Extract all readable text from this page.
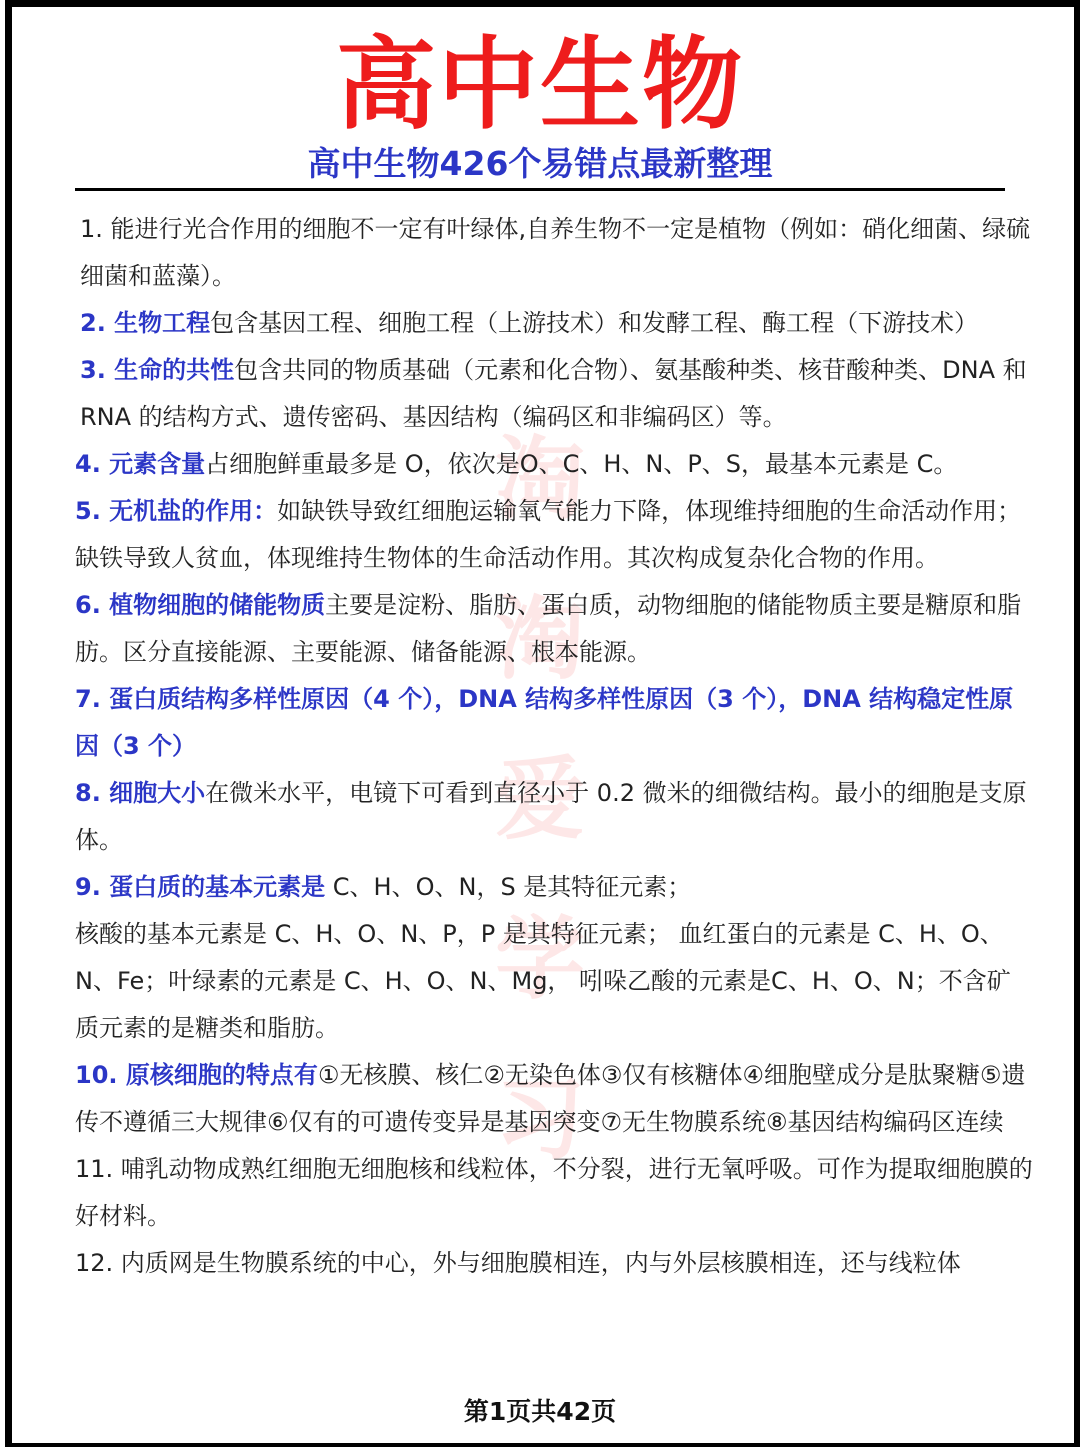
高中生物
高中生物426个易错点最新整理
淘
淘
爱
学
习

1. 能进行光合作用的细胞不一定有叶绿体,自养生物不一定是植物（例如：硝化细菌、绿硫细菌和蓝藻）。

2. 生物工程包含基因工程、细胞工程（上游技术）和发酵工程、酶工程（下游技术）

3. 生命的共性包含共同的物质基础（元素和化合物）、氨基酸种类、核苷酸种类、DNA 和 RNA 的结构方式、遗传密码、基因结构（编码区和非编码区）等。

4. 元素含量占细胞鲜重最多是 O，依次是O、C、H、N、P、S，最基本元素是 C。

5. 无机盐的作用：如缺铁导致红细胞运输氧气能力下降，体现维持细胞的生命活动作用；缺铁导致人贫血，体现维持生物体的生命活动作用。其次构成复杂化合物的作用。

6. 植物细胞的储能物质主要是淀粉、脂肪、蛋白质，动物细胞的储能物质主要是糖原和脂肪。区分直接能源、主要能源、储备能源、根本能源。

7. 蛋白质结构多样性原因（4 个），DNA 结构多样性原因（3 个），DNA 结构稳定性原因（3 个）

8. 细胞大小在微米水平，电镜下可看到直径小于 0.2 微米的细微结构。最小的细胞是支原体。

9. 蛋白质的基本元素是 C、H、O、N，S 是其特征元素；

核酸的基本元素是 C、H、O、N、P，P 是其特征元素； 血红蛋白的元素是 C、H、O、N、Fe；叶绿素的元素是 C、H、O、N、Mg， 吲哚乙酸的元素是C、H、O、N；不含矿质元素的是糖类和脂肪。

10. 原核细胞的特点有①无核膜、核仁②无染色体③仅有核糖体④细胞壁成分是肽聚糖⑤遗传不遵循三大规律⑥仅有的可遗传变异是基因突变⑦无生物膜系统⑧基因结构编码区连续11. 哺乳动物成熟红细胞无细胞核和线粒体，不分裂，进行无氧呼吸。可作为提取细胞膜的好材料。

12. 内质网是生物膜系统的中心，外与细胞膜相连，内与外层核膜相连，还与线粒体

第1页共42页
